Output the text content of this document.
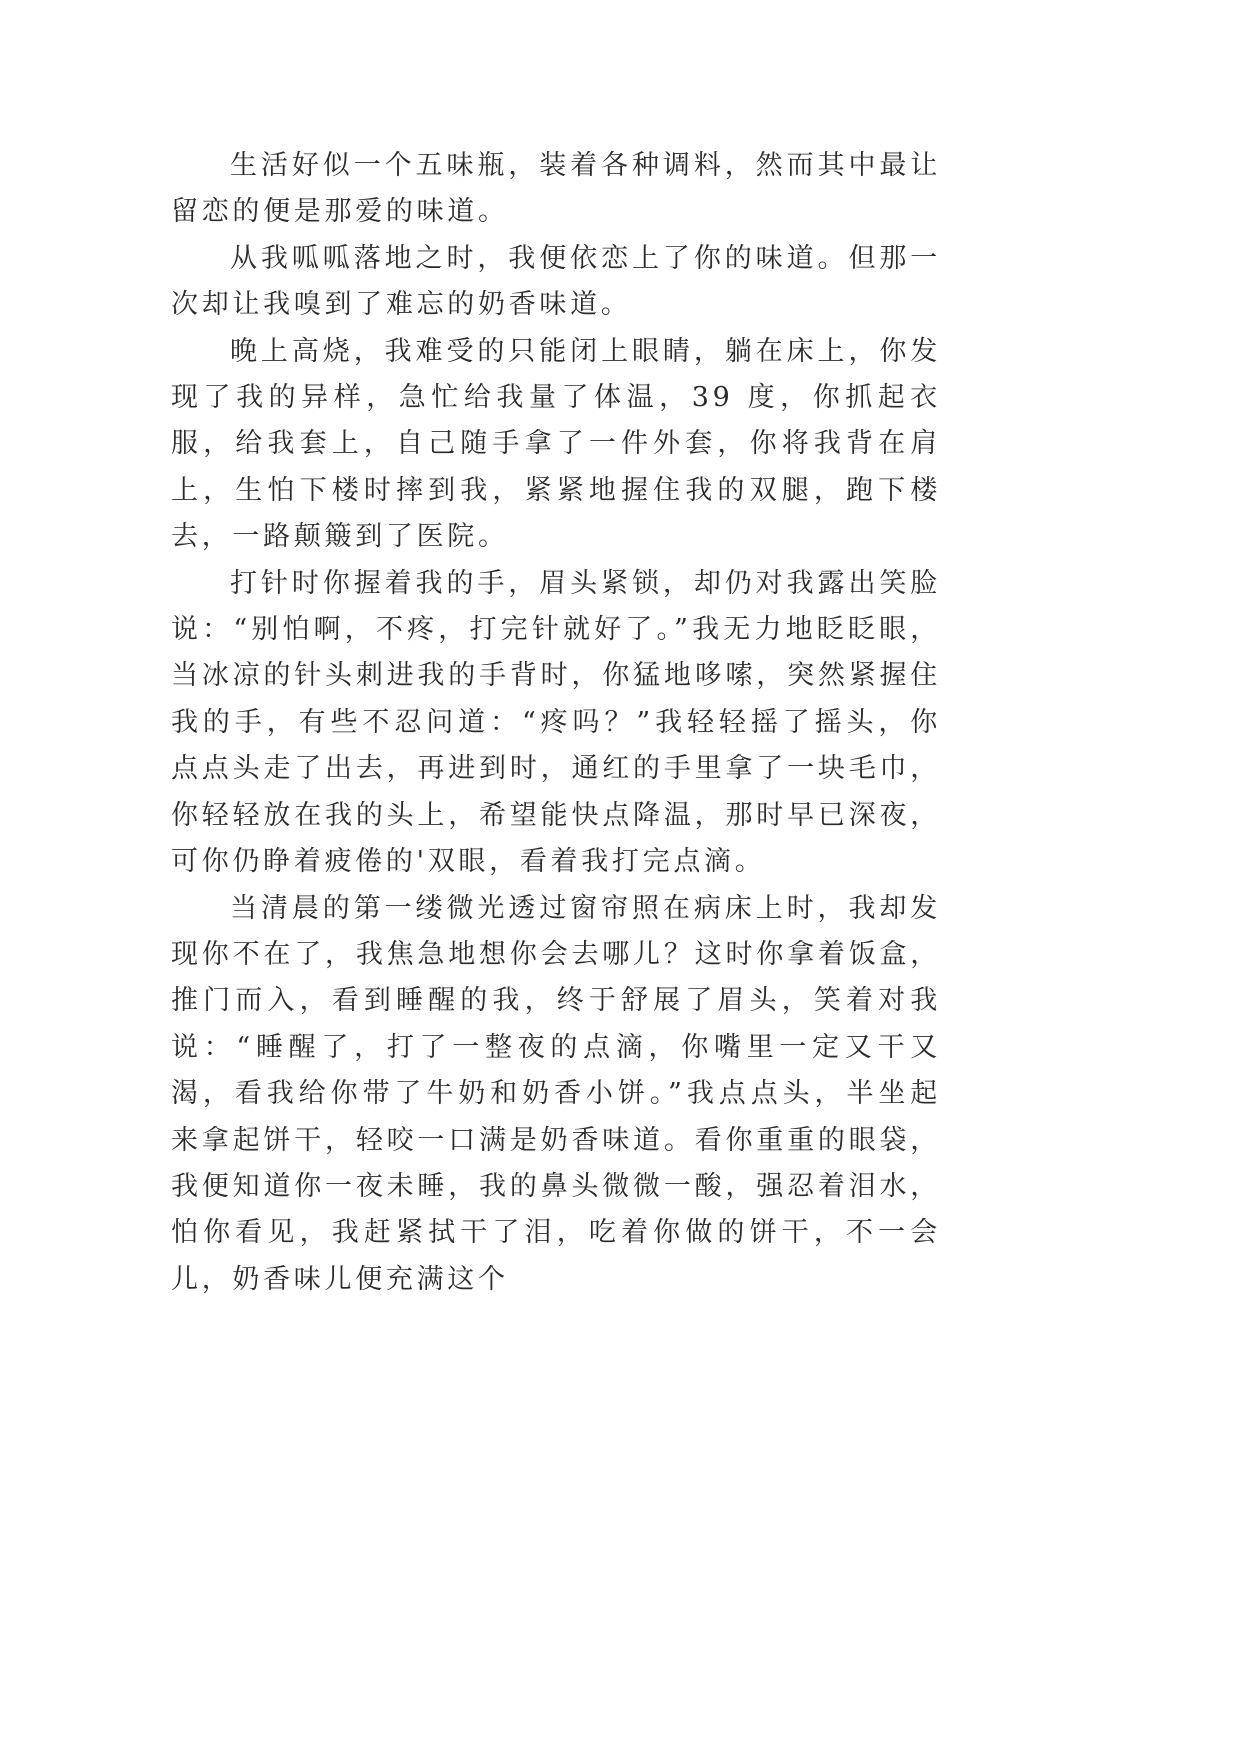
生活好似一个五味瓶，装着各种调料，然而其中最让留恋的便是那爱的味道。

从我呱呱落地之时，我便依恋上了你的味道。但那一次却让我嗅到了难忘的奶香味道。

晚上高烧，我难受的只能闭上眼睛，躺在床上，你发现了我的异样，急忙给我量了体温，39 度，你抓起衣服，给我套上，自己随手拿了一件外套，你将我背在肩上，生怕下楼时摔到我，紧紧地握住我的双腿，跑下楼去，一路颠簸到了医院。

打针时你握着我的手，眉头紧锁，却仍对我露出笑脸说：“别怕啊，不疼，打完针就好了。”我无力地眨眨眼，当冰凉的针头刺进我的手背时，你猛地哆嗦，突然紧握住我的手，有些不忍问道：“疼吗？”我轻轻摇了摇头，你点点头走了出去，再进到时，通红的手里拿了一块毛巾，你轻轻放在我的头上，希望能快点降温，那时早已深夜，可你仍睁着疲倦的'双眼，看着我打完点滴。

当清晨的第一缕微光透过窗帘照在病床上时，我却发现你不在了，我焦急地想你会去哪儿？这时你拿着饭盒，推门而入，看到睡醒的我，终于舒展了眉头，笑着对我说：“睡醒了，打了一整夜的点滴，你嘴里一定又干又渴，看我给你带了牛奶和奶香小饼。”我点点头，半坐起来拿起饼干，轻咬一口满是奶香味道。看你重重的眼袋，我便知道你一夜未睡，我的鼻头微微一酸，强忍着泪水，怕你看见，我赶紧拭干了泪，吃着你做的饼干，不一会儿，奶香味儿便充满这个
